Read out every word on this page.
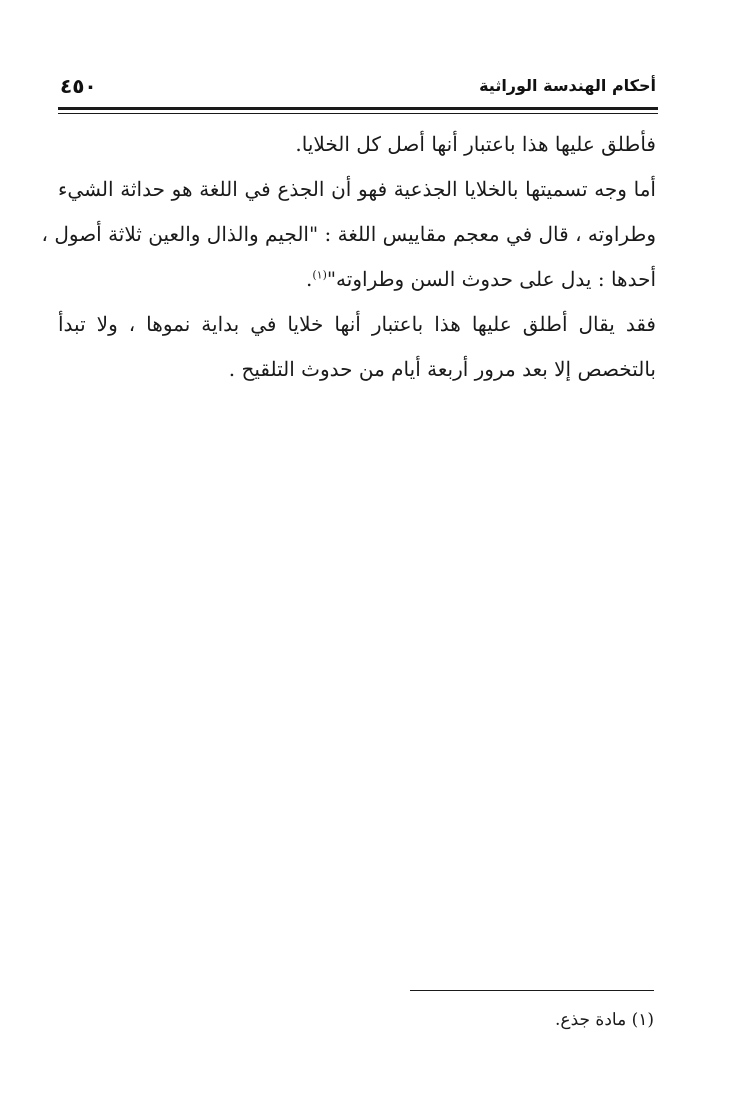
أحكام الهندسة الوراثية
٤٥٠
فأطلق عليها هذا باعتبار أنها أصل كل الخلايا.
أما وجه تسميتها بالخلايا الجذعية فهو أن الجذع في اللغة هو حداثة الشيء
وطراوته ، قال في معجم مقاييس اللغة : "الجيم والذال والعين ثلاثة أصول ،
أحدها : يدل على حدوث السن وطراوته"$^{(١)}$.
فقد يقال أطلق عليها هذا باعتبار أنها خلايا في بداية نموها ، ولا تبدأ
بالتخصص إلا بعد مرور أربعة أيام من حدوث التلقيح .
(١) مادة جذع.
